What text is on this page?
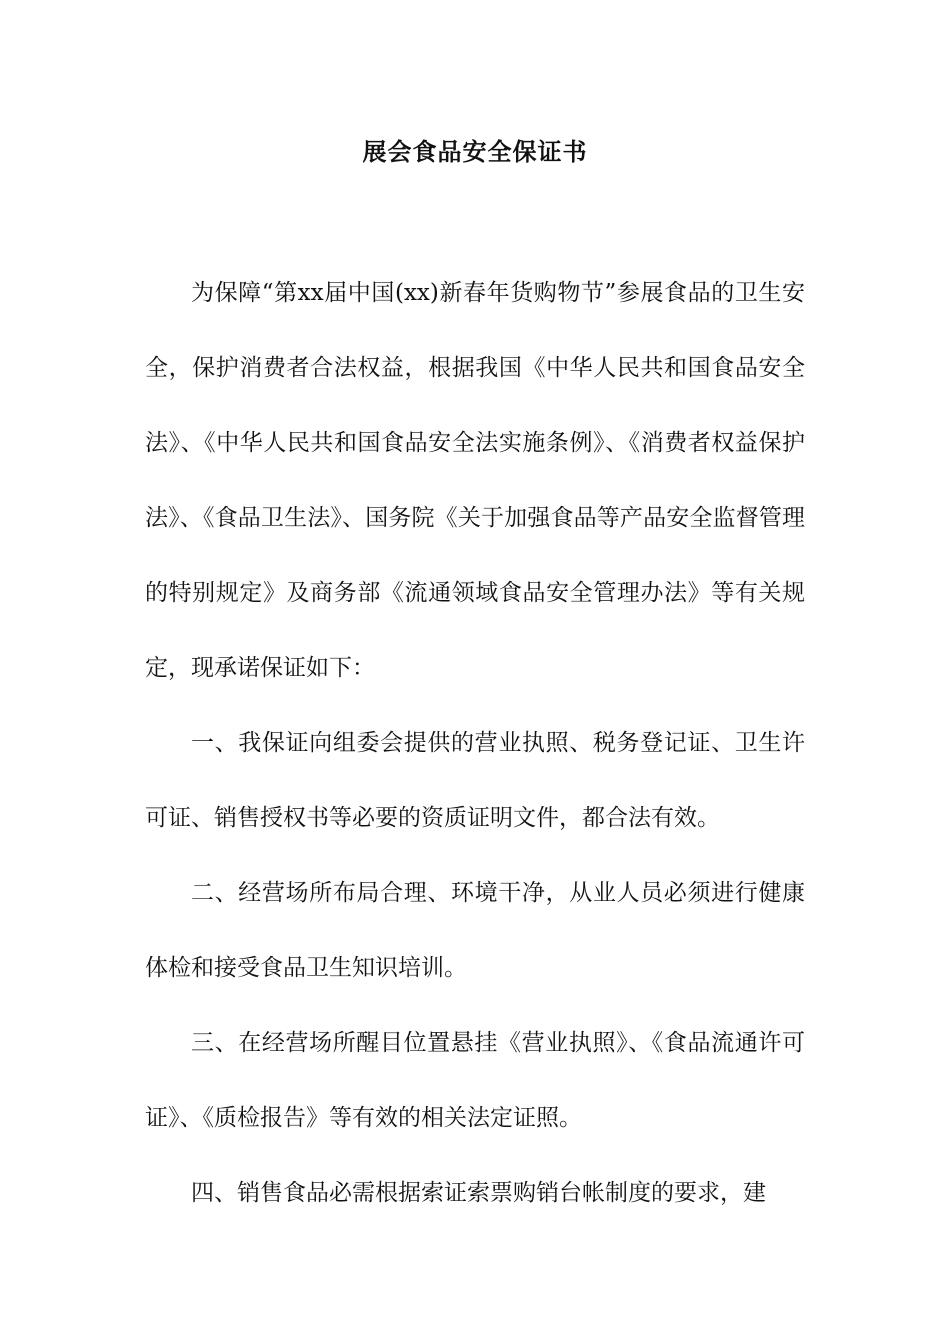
展会食品安全保证书

为保障“第xx届中国(xx)新春年货购物节”参展食品的卫生安全，保护消费者合法权益，根据我国《中华人民共和国食品安全法》、《中华人民共和国食品安全法实施条例》、《消费者权益保护法》、《食品卫生法》、国务院《关于加强食品等产品安全监督管理的特别规定》及商务部《流通领域食品安全管理办法》等有关规定，现承诺保证如下：

一、我保证向组委会提供的营业执照、税务登记证、卫生许可证、销售授权书等必要的资质证明文件，都合法有效。

二、经营场所布局合理、环境干净，从业人员必须进行健康体检和接受食品卫生知识培训。

三、在经营场所醒目位置悬挂《营业执照》、《食品流通许可证》、《质检报告》等有效的相关法定证照。

四、销售食品必需根据索证索票购销台帐制度的要求，建
